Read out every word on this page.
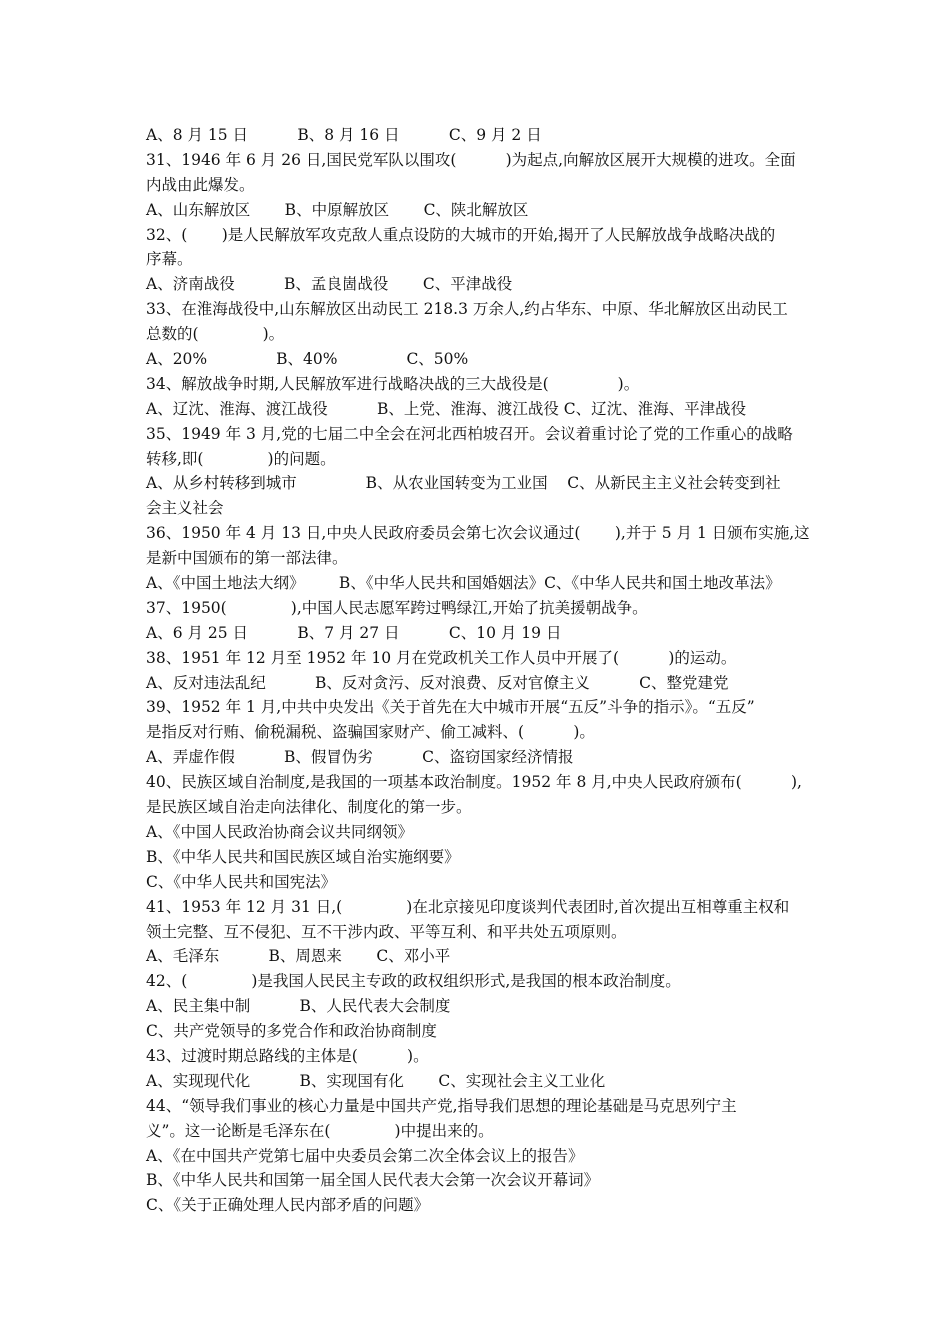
A、8 月 15 日          B、8 月 16 日          C、9 月 2 日
31、1946 年 6 月 26 日,国民党军队以围攻(          )为起点,向解放区展开大规模的进攻。全面
内战由此爆发。
A、山东解放区       B、中原解放区       C、陕北解放区
32、(       )是人民解放军攻克敌人重点设防的大城市的开始,揭开了人民解放战争战略决战的
序幕。
A、济南战役          B、孟良崮战役       C、平津战役
33、在淮海战役中,山东解放区出动民工 218.3 万余人,约占华东、中原、华北解放区出动民工
总数的(             )。
A、20%              B、40%              C、50%
34、解放战争时期,人民解放军进行战略决战的三大战役是(              )。
A、辽沈、淮海、渡江战役          B、上党、淮海、渡江战役 C、辽沈、淮海、平津战役
35、1949 年 3 月,党的七届二中全会在河北西柏坡召开。会议着重讨论了党的工作重心的战略
转移,即(             )的问题。
A、从乡村转移到城市              B、从农业国转变为工业国    C、从新民主主义社会转变到社
会主义社会
36、1950 年 4 月 13 日,中央人民政府委员会第七次会议通过(       ),并于 5 月 1 日颁布实施,这
是新中国颁布的第一部法律。
A、《中国土地法大纲》       B、《中华人民共和国婚姻法》C、《中华人民共和国土地改革法》
37、1950(             ),中国人民志愿军跨过鸭绿江,开始了抗美援朝战争。
A、6 月 25 日          B、7 月 27 日          C、10 月 19 日
38、1951 年 12 月至 1952 年 10 月在党政机关工作人员中开展了(          )的运动。
A、反对违法乱纪          B、反对贪污、反对浪费、反对官僚主义          C、整党建党
39、1952 年 1 月,中共中央发出《关于首先在大中城市开展“五反”斗争的指示》。“五反”
是指反对行贿、偷税漏税、盗骗国家财产、偷工减料、(          )。
A、弄虚作假          B、假冒伪劣          C、盗窃国家经济情报
40、民族区域自治制度,是我国的一项基本政治制度。1952 年 8 月,中央人民政府颁布(          ),
是民族区域自治走向法律化、制度化的第一步。
A、《中国人民政治协商会议共同纲领》
B、《中华人民共和国民族区域自治实施纲要》
C、《中华人民共和国宪法》
41、1953 年 12 月 31 日,(             )在北京接见印度谈判代表团时,首次提出互相尊重主权和
领土完整、互不侵犯、互不干涉内政、平等互利、和平共处五项原则。
A、毛泽东          B、周恩来       C、邓小平
42、(             )是我国人民民主专政的政权组织形式,是我国的根本政治制度。
A、民主集中制          B、人民代表大会制度
C、共产党领导的多党合作和政治协商制度
43、过渡时期总路线的主体是(          )。
A、实现现代化          B、实现国有化       C、实现社会主义工业化
44、“领导我们事业的核心力量是中国共产党,指导我们思想的理论基础是马克思列宁主
义”。这一论断是毛泽东在(             )中提出来的。
A、《在中国共产党第七届中央委员会第二次全体会议上的报告》
B、《中华人民共和国第一届全国人民代表大会第一次会议开幕词》
C、《关于正确处理人民内部矛盾的问题》
